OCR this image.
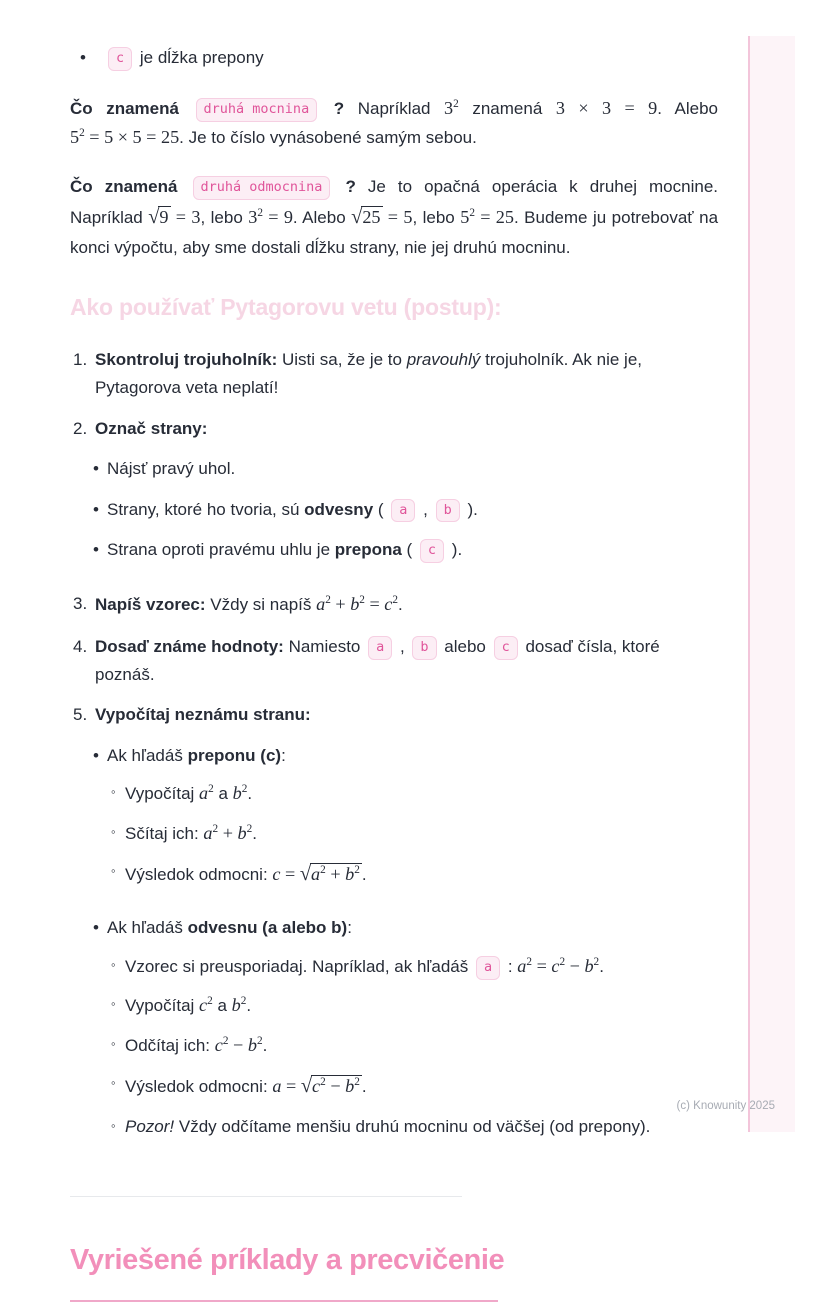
•	c je dĺžka prepony

Čo znamená druhá mocnina ? Napríklad $3^2$ znamená 3 × 3 = 9. Alebo $5^2 = 5 \times 5 = 25$. Je to číslo vynásobené samým sebou.

Čo znamená druhá odmocnina ? Je to opačná operácia k druhej mocnine. Napríklad √9 = 3, lebo $3^2 = 9$. Alebo √25 = 5, lebo $5^2 = 25$. Budeme ju potrebovať na konci výpočtu, aby sme dostali dĺžku strany, nie jej druhú mocninu.

Ako používať Pytagorovu vetu (postup):
1. Skontroluj trojuholník: Uisti sa, že je to pravouhlý trojuholník. Ak nie je, Pytagorova veta neplatí!
2. Označ strany:
• Nájsť pravý uhol.
• Strany, ktoré ho tvoria, sú odvesny ( a , b ).
• Strana oproti pravému uhlu je prepona ( c ).
3. Napíš vzorec: Vždy si napíš $a^2 + b^2 = c^2$.
4. Dosaď známe hodnoty: Namiesto a , b alebo c dosaď čísla, ktoré poznáš.
5. Vypočítaj neznámu stranu:
• Ak hľadáš preponu (c):
◦ Vypočítaj $a^2$ a $b^2$.
◦ Sčítaj ich: $a^2 + b^2$.
◦ Výsledok odmocni: $c = √a^2 + b^2$ .
• Ak hľadáš odvesnu (a alebo b):
◦ Vzorec si preusporiadaj. Napríklad, ak hľadáš a : $a^2 = c^2 - b^2$.
◦ Vypočítaj $c^2$ a $b^2$.
◦ Odčítaj ich: $c^2 - b^2$.
◦ Výsledok odmocni: $a = √c^2 - b^2$ .
◦ Pozor! Vždy odčítame menšiu druhú mocninu od väčšej (od prepony).
Vyriešené príklady a precvičenie
(c) Knowunity 2025
